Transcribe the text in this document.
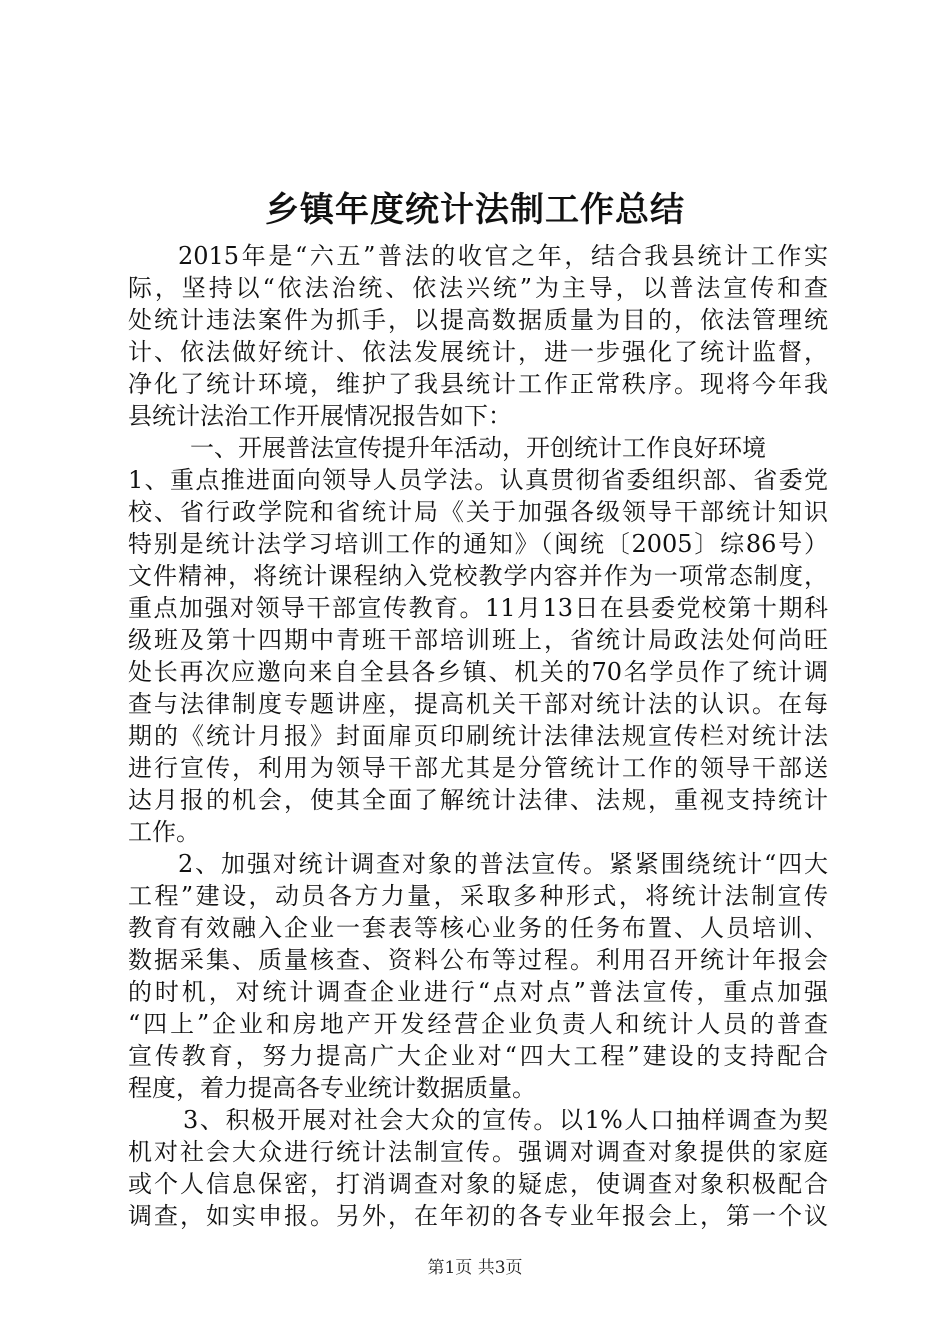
乡镇年度统计法制工作总结

2015年是“六五”普法的收官之年，结合我县统计工作实
际，坚持以“依法治统、依法兴统”为主导，以普法宣传和查
处统计违法案件为抓手，以提高数据质量为目的，依法管理统
计、依法做好统计、依法发展统计，进一步强化了统计监督，
净化了统计环境，维护了我县统计工作正常秩序。现将今年我
县统计法治工作开展情况报告如下：

一、开展普法宣传提升年活动，开创统计工作良好环境

1、重点推进面向领导人员学法。认真贯彻省委组织部、省委党
校、省行政学院和省统计局《关于加强各级领导干部统计知识
特别是统计法学习培训工作的通知》（闽统〔2005〕综86号）
文件精神，将统计课程纳入党校教学内容并作为一项常态制度，
重点加强对领导干部宣传教育。11月13日在县委党校第十期科
级班及第十四期中青班干部培训班上，省统计局政法处何尚旺
处长再次应邀向来自全县各乡镇、机关的70名学员作了统计调
查与法律制度专题讲座，提高机关干部对统计法的认识。在每
期的《统计月报》封面扉页印刷统计法律法规宣传栏对统计法
进行宣传，利用为领导干部尤其是分管统计工作的领导干部送
达月报的机会，使其全面了解统计法律、法规，重视支持统计
工作。

2、加强对统计调查对象的普法宣传。紧紧围绕统计“四大
工程”建设，动员各方力量，采取多种形式，将统计法制宣传
教育有效融入企业一套表等核心业务的任务布置、人员培训、
数据采集、质量核查、资料公布等过程。利用召开统计年报会
的时机，对统计调查企业进行“点对点”普法宣传，重点加强
“四上”企业和房地产开发经营企业负责人和统计人员的普查
宣传教育，努力提高广大企业对“四大工程”建设的支持配合
程度，着力提高各专业统计数据质量。

3、积极开展对社会大众的宣传。以1%人口抽样调查为契
机对社会大众进行统计法制宣传。强调对调查对象提供的家庭
或个人信息保密，打消调查对象的疑虑，使调查对象积极配合
调查，如实申报。另外，在年初的各专业年报会上，第一个议

第1页 共3页
